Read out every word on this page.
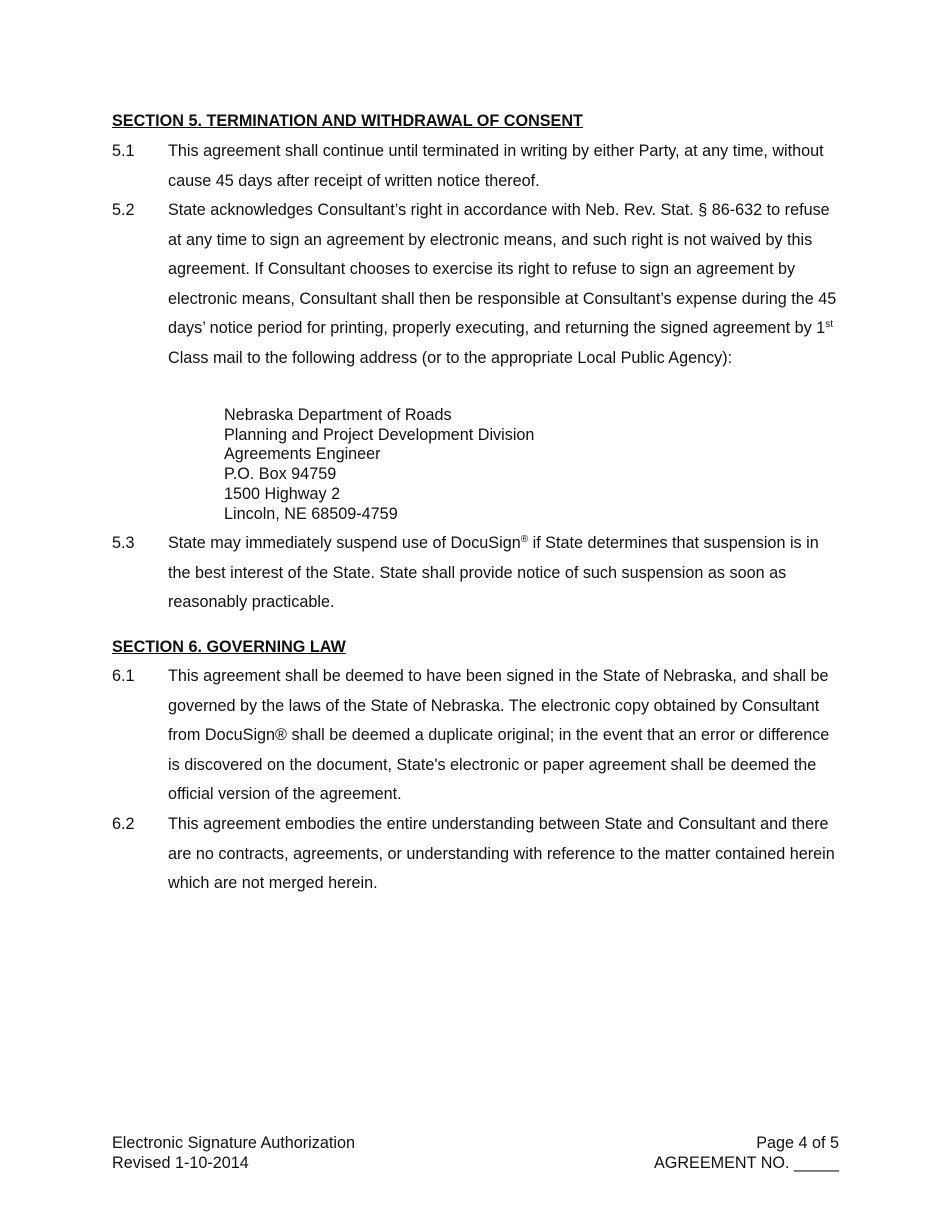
SECTION 5. TERMINATION AND WITHDRAWAL OF CONSENT
5.1 This agreement shall continue until terminated in writing by either Party, at any time, without cause 45 days after receipt of written notice thereof.
5.2 State acknowledges Consultant’s right in accordance with Neb. Rev. Stat. § 86-632 to refuse at any time to sign an agreement by electronic means, and such right is not waived by this agreement. If Consultant chooses to exercise its right to refuse to sign an agreement by electronic means, Consultant shall then be responsible at Consultant’s expense during the 45 days’ notice period for printing, properly executing, and returning the signed agreement by 1st Class mail to the following address (or to the appropriate Local Public Agency):
Nebraska Department of Roads
Planning and Project Development Division
Agreements Engineer
P.O. Box 94759
1500 Highway 2
Lincoln, NE 68509-4759
5.3 State may immediately suspend use of DocuSign® if State determines that suspension is in the best interest of the State. State shall provide notice of such suspension as soon as reasonably practicable.
SECTION 6. GOVERNING LAW
6.1 This agreement shall be deemed to have been signed in the State of Nebraska, and shall be governed by the laws of the State of Nebraska. The electronic copy obtained by Consultant from DocuSign® shall be deemed a duplicate original; in the event that an error or difference is discovered on the document, State's electronic or paper agreement shall be deemed the official version of the agreement.
6.2 This agreement embodies the entire understanding between State and Consultant and there are no contracts, agreements, or understanding with reference to the matter contained herein which are not merged herein.
Electronic Signature Authorization
Revised 1-10-2014
Page 4 of 5
AGREEMENT NO. _____
